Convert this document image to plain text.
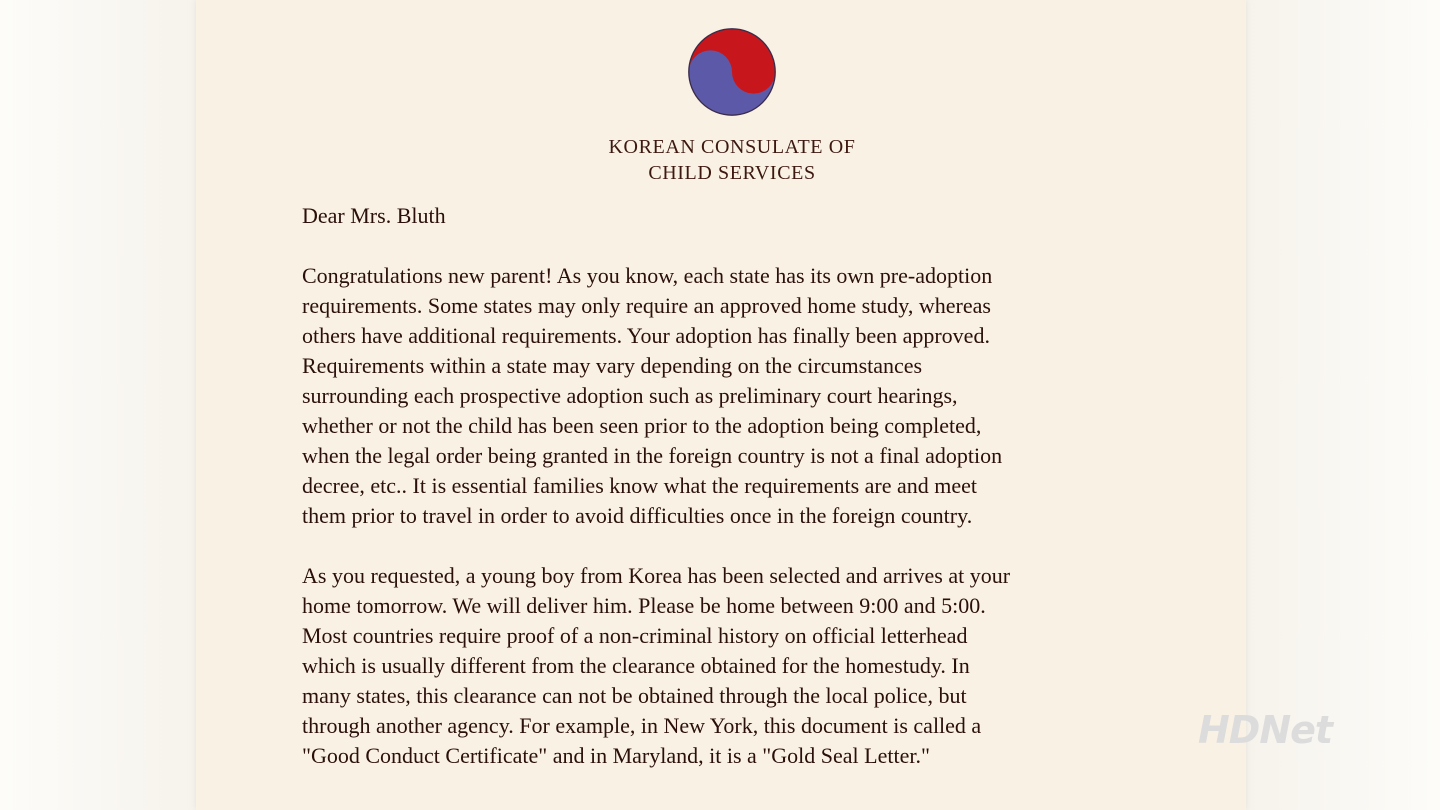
KOREAN CONSULATE OF
CHILD SERVICES
Dear Mrs. Bluth
Congratulations new parent! As you know, each state has its own pre-adoption
requirements. Some states may only require an approved home study, whereas
others have additional requirements. Your adoption has finally been approved.
Requirements within a state may vary depending on the circumstances
surrounding each prospective adoption such as preliminary court hearings,
whether or not the child has been seen prior to the adoption being completed,
when the legal order being granted in the foreign country is not a final adoption
decree, etc.. It is essential families know what the requirements are and meet
them prior to travel in order to avoid difficulties once in the foreign country.
As you requested, a young boy from Korea has been selected and arrives at your
home tomorrow. We will deliver him. Please be home between 9:00 and 5:00.
Most countries require proof of a non-criminal history on official letterhead
which is usually different from the clearance obtained for the homestudy. In
many states, this clearance can not be obtained through the local police, but
through another agency. For example, in New York, this document is called a
"Good Conduct Certificate" and in Maryland, it is a "Gold Seal Letter."
HDNet
